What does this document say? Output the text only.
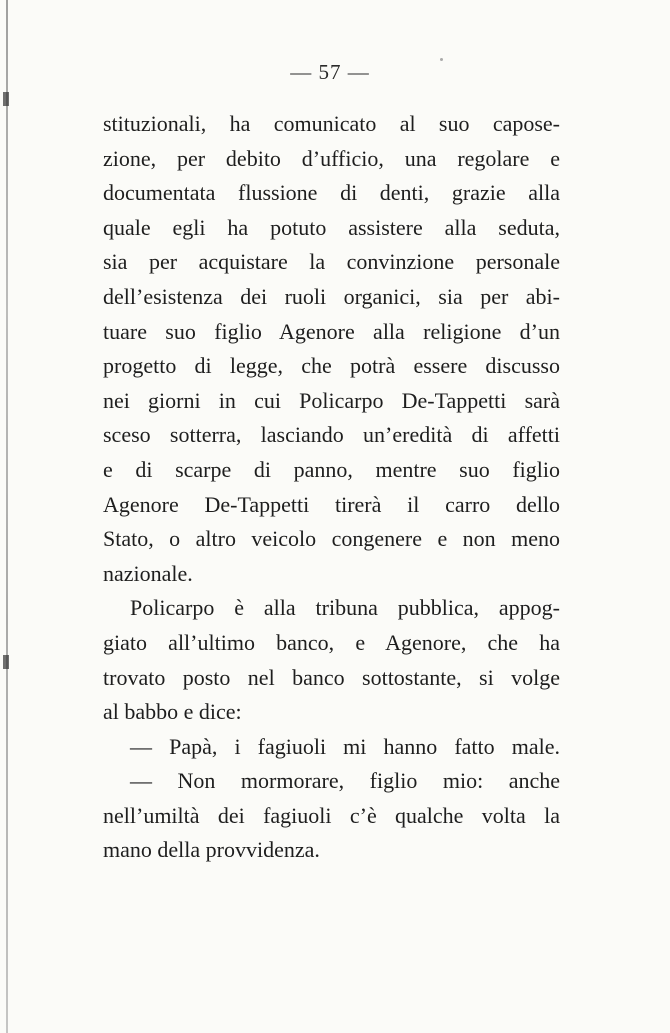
— 57 —
stituzionali, ha comunicato al suo capose-
zione, per debito d’ufficio, una regolare e
documentata flussione di denti, grazie alla
quale egli ha potuto assistere alla seduta,
sia per acquistare la convinzione personale
dell’esistenza dei ruoli organici, sia per abi-
tuare suo figlio Agenore alla religione d’un
progetto di legge, che potrà essere discusso
nei giorni in cui Policarpo De-Tappetti sarà
sceso sotterra, lasciando un’eredità di affetti
e di scarpe di panno, mentre suo figlio
Agenore De-Tappetti tirerà il carro dello
Stato, o altro veicolo congenere e non meno
nazionale.
Policarpo è alla tribuna pubblica, appog-
giato all’ultimo banco, e Agenore, che ha
trovato posto nel banco sottostante, si volge
al babbo e dice:
— Papà, i fagiuoli mi hanno fatto male.
— Non mormorare, figlio mio: anche
nell’umiltà dei fagiuoli c’è qualche volta la
mano della provvidenza.
